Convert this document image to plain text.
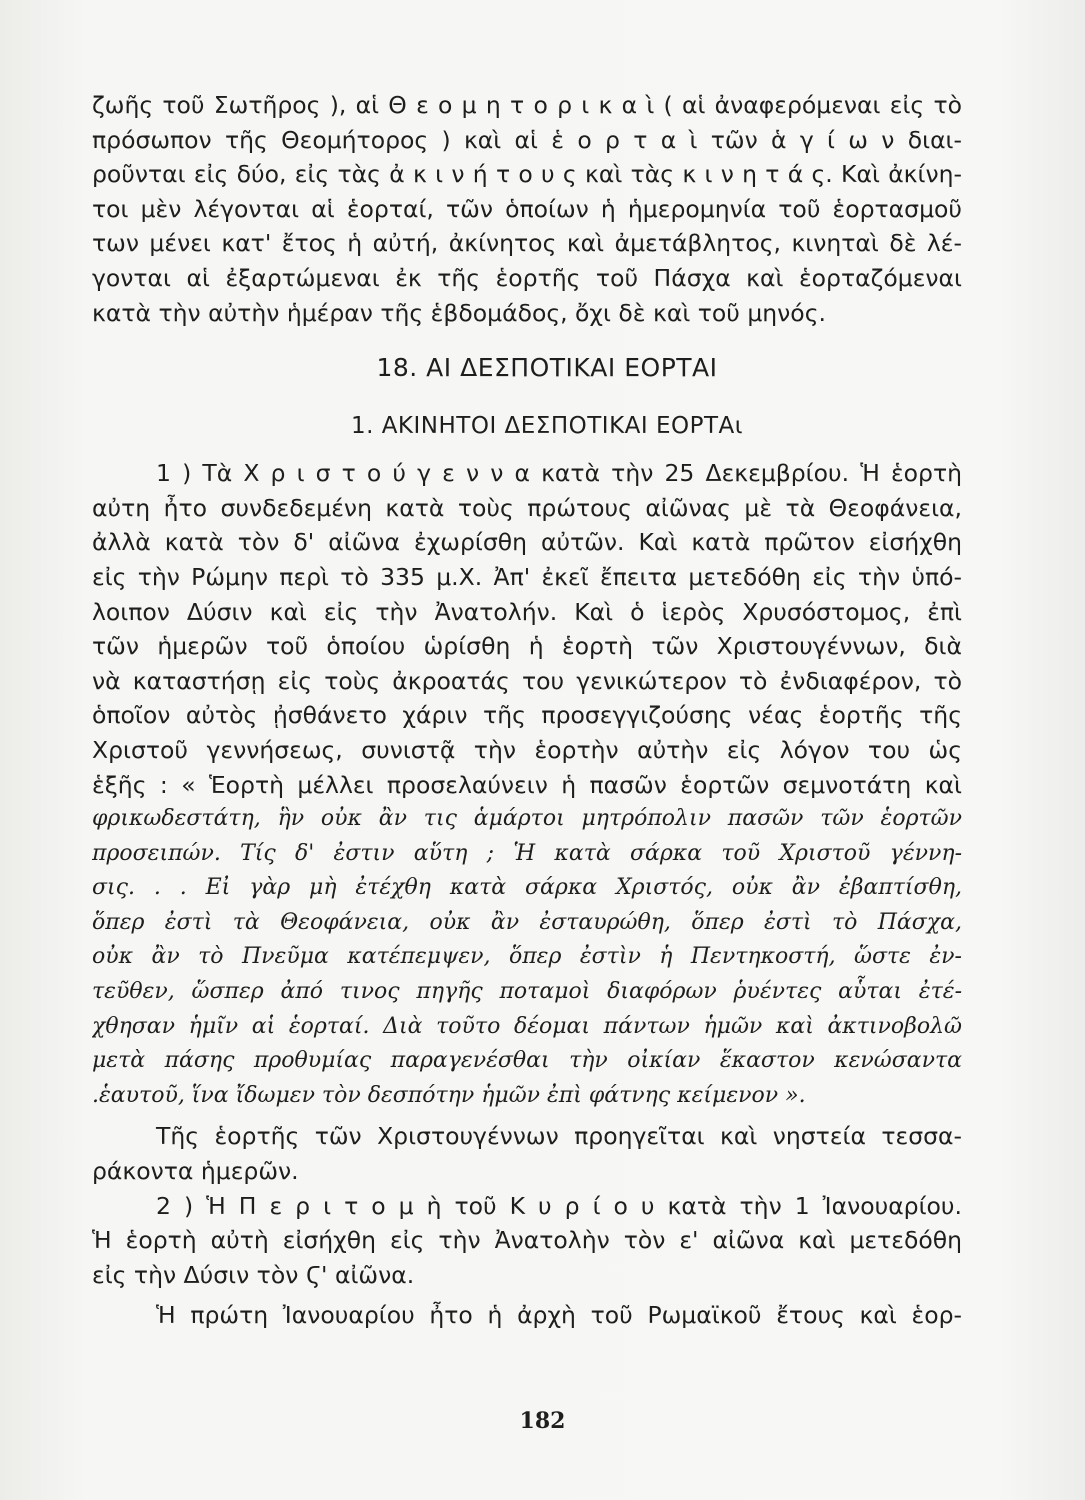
ζωῆς τοῦ Σωτῆρος ), αἱ Θ ε ο μ η τ ο ρ ι κ α ὶ ( αἱ ἀναφερόμεναι εἰς τὸ
πρόσωπον τῆς Θεομήτορος ) καὶ αἱ ἑ ο ρ τ α ὶ τῶν ἁ γ ί ω ν διαι-
ροῦνται εἰς δύο, εἰς τὰς ἀ κ ι ν ή τ ο υ ς καὶ τὰς κ ι ν η τ ά ς. Καὶ ἀκίνη-
τοι μὲν λέγονται αἱ ἑορταί, τῶν ὁποίων ἡ ἡμερομηνία τοῦ ἑορτασμοῦ
των μένει κατ' ἔτος ἡ αὐτή, ἀκίνητος καὶ ἀμετάβλητος, κινηταὶ δὲ λέ-
γονται αἱ ἐξαρτώμεναι ἐκ τῆς ἑορτῆς τοῦ Πάσχα καὶ ἑορταζόμεναι
κατὰ τὴν αὐτὴν ἡμέραν τῆς ἑβδομάδος, ὄχι δὲ καὶ τοῦ μηνός.
18. ΑΙ ΔΕΣΠΟΤΙΚΑΙ ΕΟΡΤΑΙ
1. ΑΚΙΝΗΤΟΙ ΔΕΣΠΟΤΙΚΑΙ ΕΟΡΤΑι
1 ) Τὰ Χ ρ ι σ τ ο ύ γ ε ν ν α κατὰ τὴν 25 Δεκεμβρίου. Ἡ ἑορτὴ
αὐτη ἦτο συνδεδεμένη κατὰ τοὺς πρώτους αἰῶνας μὲ τὰ Θεοφάνεια,
ἀλλὰ κατὰ τὸν δ' αἰῶνα ἐχωρίσθη αὐτῶν. Καὶ κατὰ πρῶτον εἰσήχθη
εἰς τὴν Ρώμην περὶ τὸ 335 μ.Χ. Ἀπ' ἐκεῖ ἔπειτα μετεδόθη εἰς τὴν ὑπό-
λοιπον Δύσιν καὶ εἰς τὴν Ἀνατολήν. Καὶ ὁ ἱερὸς Χρυσόστομος, ἐπὶ
τῶν ἡμερῶν τοῦ ὁποίου ὡρίσθη ἡ ἑορτὴ τῶν Χριστουγέννων, διὰ
νὰ καταστήσῃ εἰς τοὺς ἀκροατάς του γενικώτερον τὸ ἐνδιαφέρον, τὸ
ὁποῖον αὐτὸς ᾐσθάνετο χάριν τῆς προσεγγιζούσης νέας ἑορτῆς τῆς
Χριστοῦ γεννήσεως, συνιστᾷ τὴν ἑορτὴν αὐτὴν εἰς λόγον του ὡς
ἑξῆς : « Ἑορτὴ μέλλει προσελαύνειν ἡ πασῶν ἑορτῶν σεμνοτάτη καὶ
φρικωδεστάτη, ἣν οὐκ ἂν τις ἁμάρτοι μητρόπολιν πασῶν τῶν ἑορτῶν
προσειπών. Τίς δ' ἐστιν αὕτη ; Ἡ κατὰ σάρκα τοῦ Χριστοῦ γέννη-
σις. . . Εἰ γὰρ μὴ ἐτέχθη κατὰ σάρκα Χριστός, οὐκ ἂν ἐβαπτίσθη,
ὅπερ ἐστὶ τὰ Θεοφάνεια, οὐκ ἂν ἐσταυρώθη, ὅπερ ἐστὶ τὸ Πάσχα,
οὐκ ἂν τὸ Πνεῦμα κατέπεμψεν, ὅπερ ἐστὶν ἡ Πεντηκοστή, ὥστε ἐν-
τεῦθεν, ὥσπερ ἀπό τινος πηγῆς ποταμοὶ διαφόρων ῥυέντες αὗται ἐτέ-
χθησαν ἡμῖν αἱ ἑορταί. Διὰ τοῦτο δέομαι πάντων ἡμῶν καὶ ἀκτινοβολῶ
μετὰ πάσης προθυμίας παραγενέσθαι τὴν οἰκίαν ἕκαστον κενώσαντα
.ἑαυτοῦ, ἵνα ἴδωμεν τὸν δεσπότην ἡμῶν ἐπὶ φάτνης κείμενον ».
Τῆς ἑορτῆς τῶν Χριστουγέννων προηγεῖται καὶ νηστεία τεσσα-
ράκοντα ἡμερῶν.
2 ) Ἡ Π ε ρ ι τ ο μ ὴ τοῦ Κ υ ρ ί ο υ κατὰ τὴν 1 Ἰανουαρίου.
Ἡ ἑορτὴ αὐτὴ εἰσήχθη εἰς τὴν Ἀνατολὴν τὸν ε' αἰῶνα καὶ μετεδόθη
εἰς τὴν Δύσιν τὸν Ϛ' αἰῶνα.
Ἡ πρώτη Ἰανουαρίου ἦτο ἡ ἀρχὴ τοῦ Ρωμαϊκοῦ ἔτους καὶ ἑορ-
182
